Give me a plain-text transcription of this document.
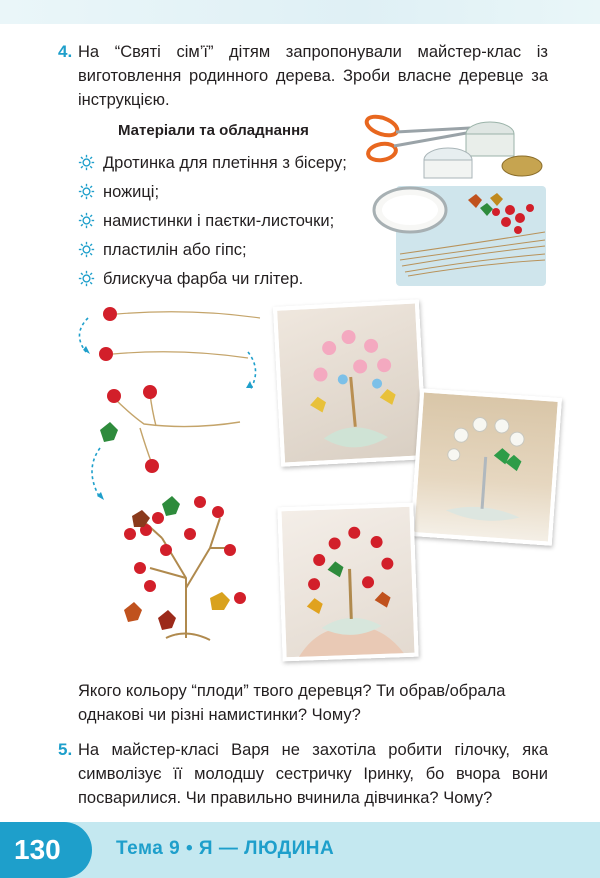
4. На “Святі сім’ї” дітям запропонували майстер-клас із виготовлення родинного дерева. Зроби власне деревце за інструкцією.
Матеріали та обладнання
Дротинка для плетіння з бісеру;
ножиці;
намистинки і паєтки-листочки;
пластилін або гіпс;
блискуча фарба чи глітер.
Якого кольору “плоди” твого деревця? Ти обрав/обрала однакові чи різні намистинки? Чому?
5. На майстер-класі Варя не захотіла робити гілочку, яка символізує її молодшу сестричку Іринку, бо вчора вони посварилися. Чи правильно вчинила дівчинка? Чому?
130	Тема 9 • Я — ЛЮДИНА
